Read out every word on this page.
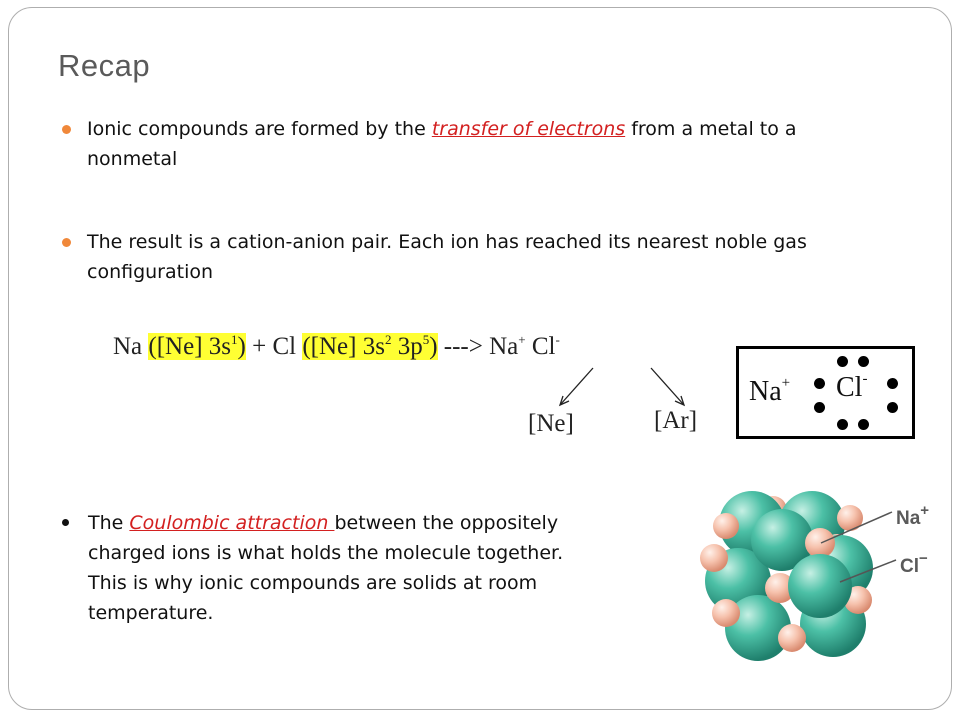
Recap
Ionic compounds are formed by the transfer of electrons from a metal to a
nonmetal
The result is a cation-anion pair. Each ion has reached its nearest noble gas
configuration
Na ([Ne] $3s^1) + Cl$ ([Ne] $3s^2$ $3p^5$) ---> Na+ Cl-
[Ne]	[Ar]
Na+ Cl-
The Coulombic attraction between the oppositely
charged ions is what holds the molecule together.
This is why ionic compounds are solids at room
temperature.
Na+
Cl−
